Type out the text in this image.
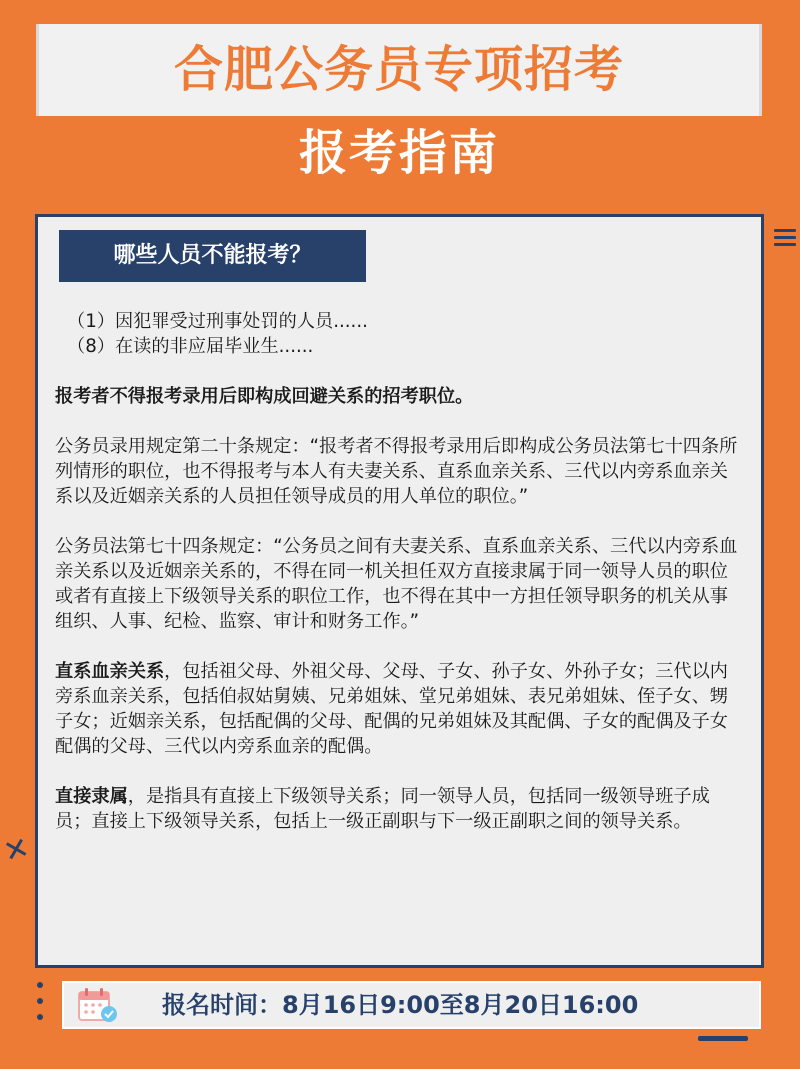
合肥公务员专项招考
报考指南
哪些人员不能报考？
（1）因犯罪受过刑事处罚的人员......
（8）在读的非应届毕业生......

报考者不得报考录用后即构成回避关系的招考职位。

公务员录用规定第二十条规定：“报考者不得报考录用后即构成公务员法第七十四条所列情形的职位，也不得报考与本人有夫妻关系、直系血亲关系、三代以内旁系血亲关系以及近姻亲关系的人员担任领导成员的用人单位的职位。”

公务员法第七十四条规定：“公务员之间有夫妻关系、直系血亲关系、三代以内旁系血亲关系以及近姻亲关系的，不得在同一机关担任双方直接隶属于同一领导人员的职位或者有直接上下级领导关系的职位工作，也不得在其中一方担任领导职务的机关从事组织、人事、纪检、监察、审计和财务工作。”

直系血亲关系，包括祖父母、外祖父母、父母、子女、孙子女、外孙子女；三代以内旁系血亲关系，包括伯叔姑舅姨、兄弟姐妹、堂兄弟姐妹、表兄弟姐妹、侄子女、甥子女；近姻亲关系，包括配偶的父母、配偶的兄弟姐妹及其配偶、子女的配偶及子女配偶的父母、三代以内旁系血亲的配偶。

直接隶属，是指具有直接上下级领导关系；同一领导人员，包括同一级领导班子成员；直接上下级领导关系，包括上一级正副职与下一级正副职之间的领导关系。

✕
报名时间：8月16日9:00至8月20日16:00
